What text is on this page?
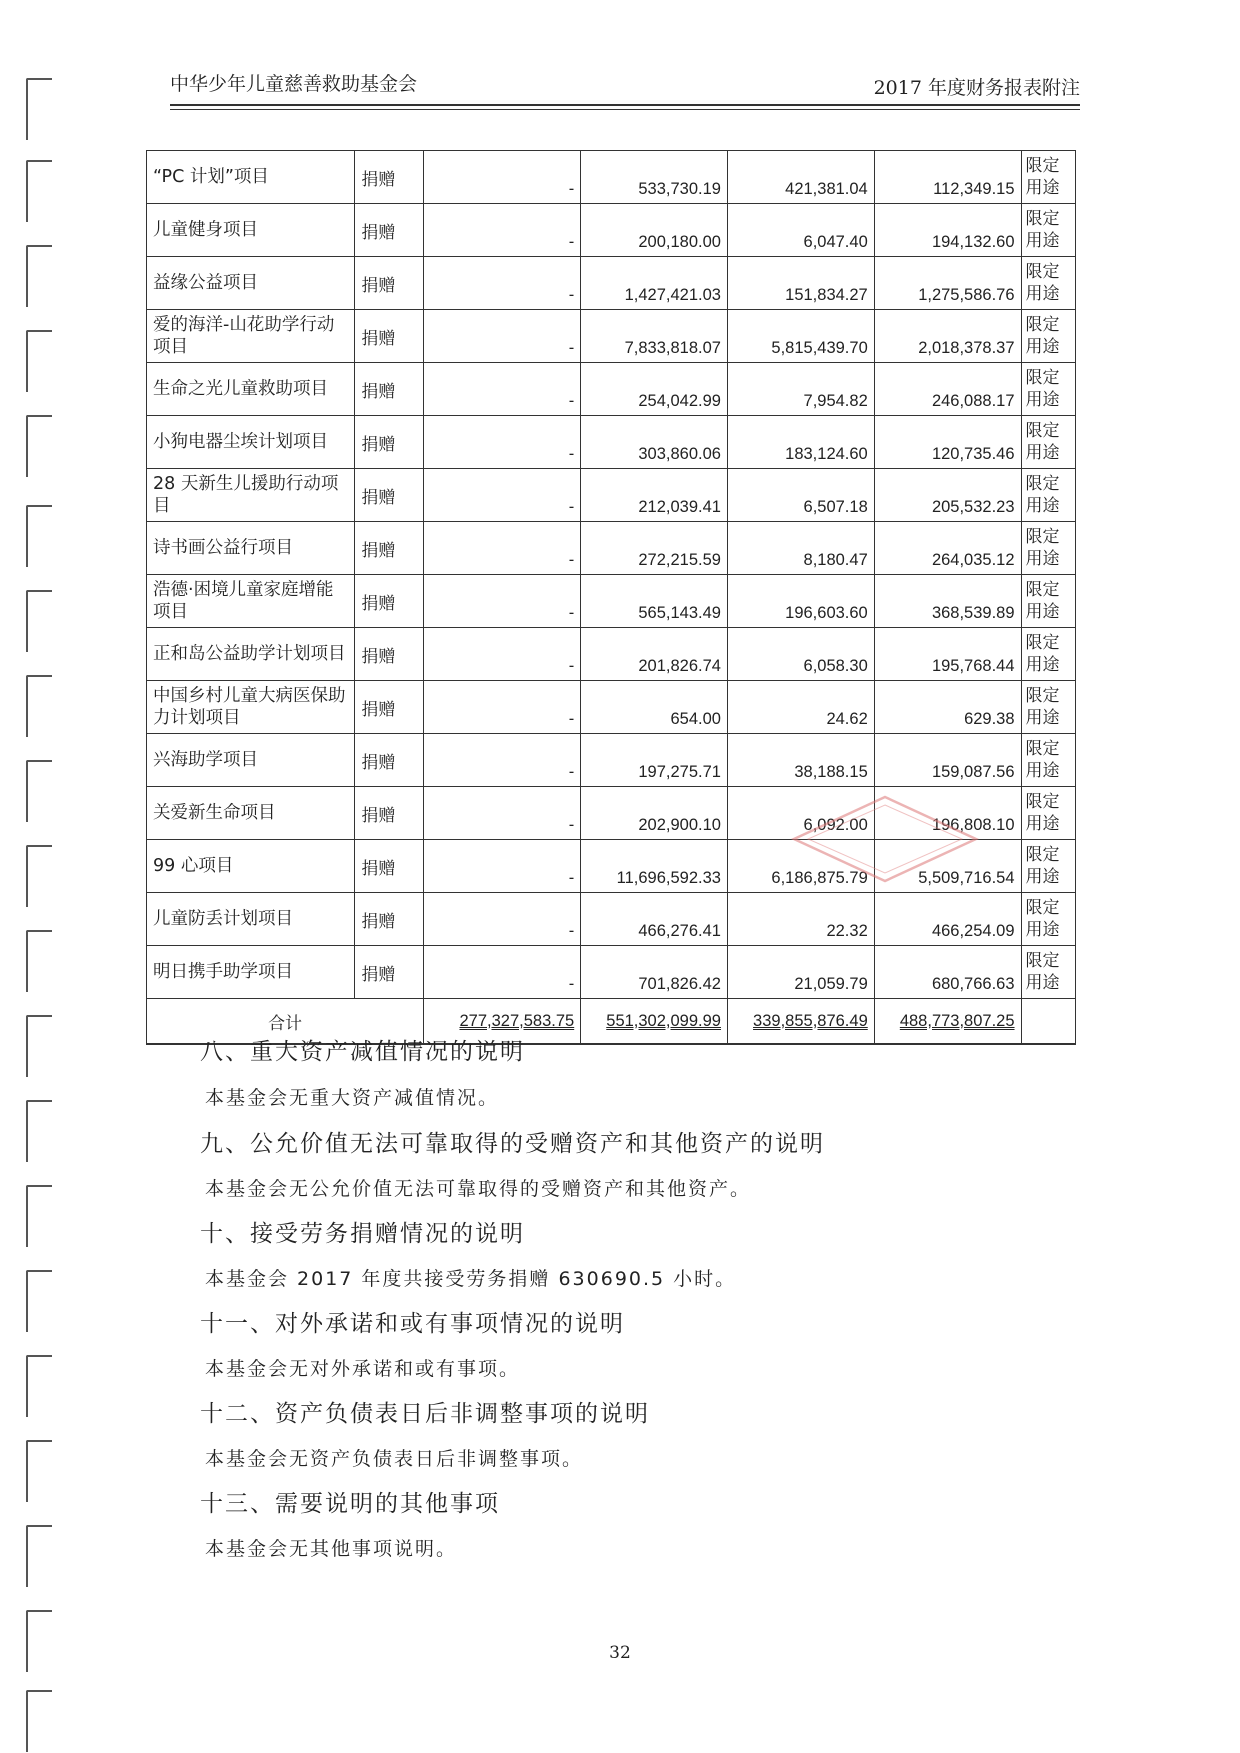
中华少年儿童慈善救助基金会	2017 年度财务报表附注
“PC 计划”项目	捐赠	-	533,730.19	421,381.04	112,349.15	限定用途
儿童健身项目	捐赠	-	200,180.00	6,047.40	194,132.60	限定用途
益缘公益项目	捐赠	-	1,427,421.03	151,834.27	1,275,586.76	限定用途
爱的海洋-山花助学行动项目	捐赠	-	7,833,818.07	5,815,439.70	2,018,378.37	限定用途
生命之光儿童救助项目	捐赠	-	254,042.99	7,954.82	246,088.17	限定用途
小狗电器尘埃计划项目	捐赠	-	303,860.06	183,124.60	120,735.46	限定用途
28 天新生儿援助行动项目	捐赠	-	212,039.41	6,507.18	205,532.23	限定用途
诗书画公益行项目	捐赠	-	272,215.59	8,180.47	264,035.12	限定用途
浩德·困境儿童家庭增能项目	捐赠	-	565,143.49	196,603.60	368,539.89	限定用途
正和岛公益助学计划项目	捐赠	-	201,826.74	6,058.30	195,768.44	限定用途
中国乡村儿童大病医保助力计划项目	捐赠	-	654.00	24.62	629.38	限定用途
兴海助学项目	捐赠	-	197,275.71	38,188.15	159,087.56	限定用途
关爱新生命项目	捐赠	-	202,900.10	6,092.00	196,808.10	限定用途
99 心项目	捐赠	-	11,696,592.33	6,186,875.79	5,509,716.54	限定用途
儿童防丢计划项目	捐赠	-	466,276.41	22.32	466,254.09	限定用途
明日携手助学项目	捐赠	-	701,826.42	21,059.79	680,766.63	限定用途
合计		277,327,583.75	551,302,099.99	339,855,876.49	488,773,807.25	
八、重大资产减值情况的说明
本基金会无重大资产减值情况。
九、公允价值无法可靠取得的受赠资产和其他资产的说明
本基金会无公允价值无法可靠取得的受赠资产和其他资产。
十、接受劳务捐赠情况的说明
本基金会 2017 年度共接受劳务捐赠 630690.5 小时。
十一、对外承诺和或有事项情况的说明
本基金会无对外承诺和或有事项。
十二、资产负债表日后非调整事项的说明
本基金会无资产负债表日后非调整事项。
十三、需要说明的其他事项
本基金会无其他事项说明。
32
